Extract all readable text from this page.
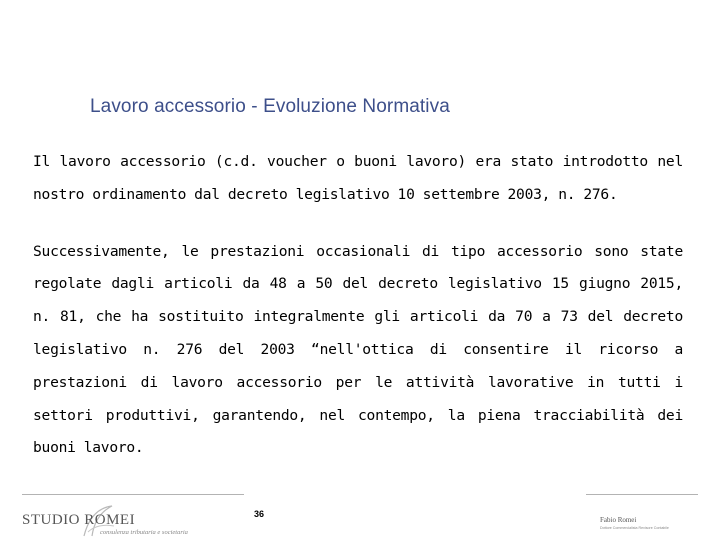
Lavoro accessorio - Evoluzione Normativa

Il lavoro accessorio (c.d. voucher o buoni lavoro) era stato introdotto nel nostro ordinamento dal decreto legislativo 10 settembre 2003, n. 276.

Successivamente, le prestazioni occasionali di tipo accessorio sono state regolate dagli articoli da 48 a 50 del decreto legislativo 15 giugno 2015, n. 81, che ha sostituito integralmente gli articoli da 70 a 73 del decreto legislativo n. 276 del 2003 “nell'ottica di consentire il ricorso a prestazioni di lavoro accessorio per le attività lavorative in tutti i settori produttivi, garantendo, nel contempo, la piena tracciabilità dei buoni lavoro.

36
STUDIO ROMEI
consulenza tributaria e societaria
Fabio Romei
Dottore Commercialista Revisore Contabile
